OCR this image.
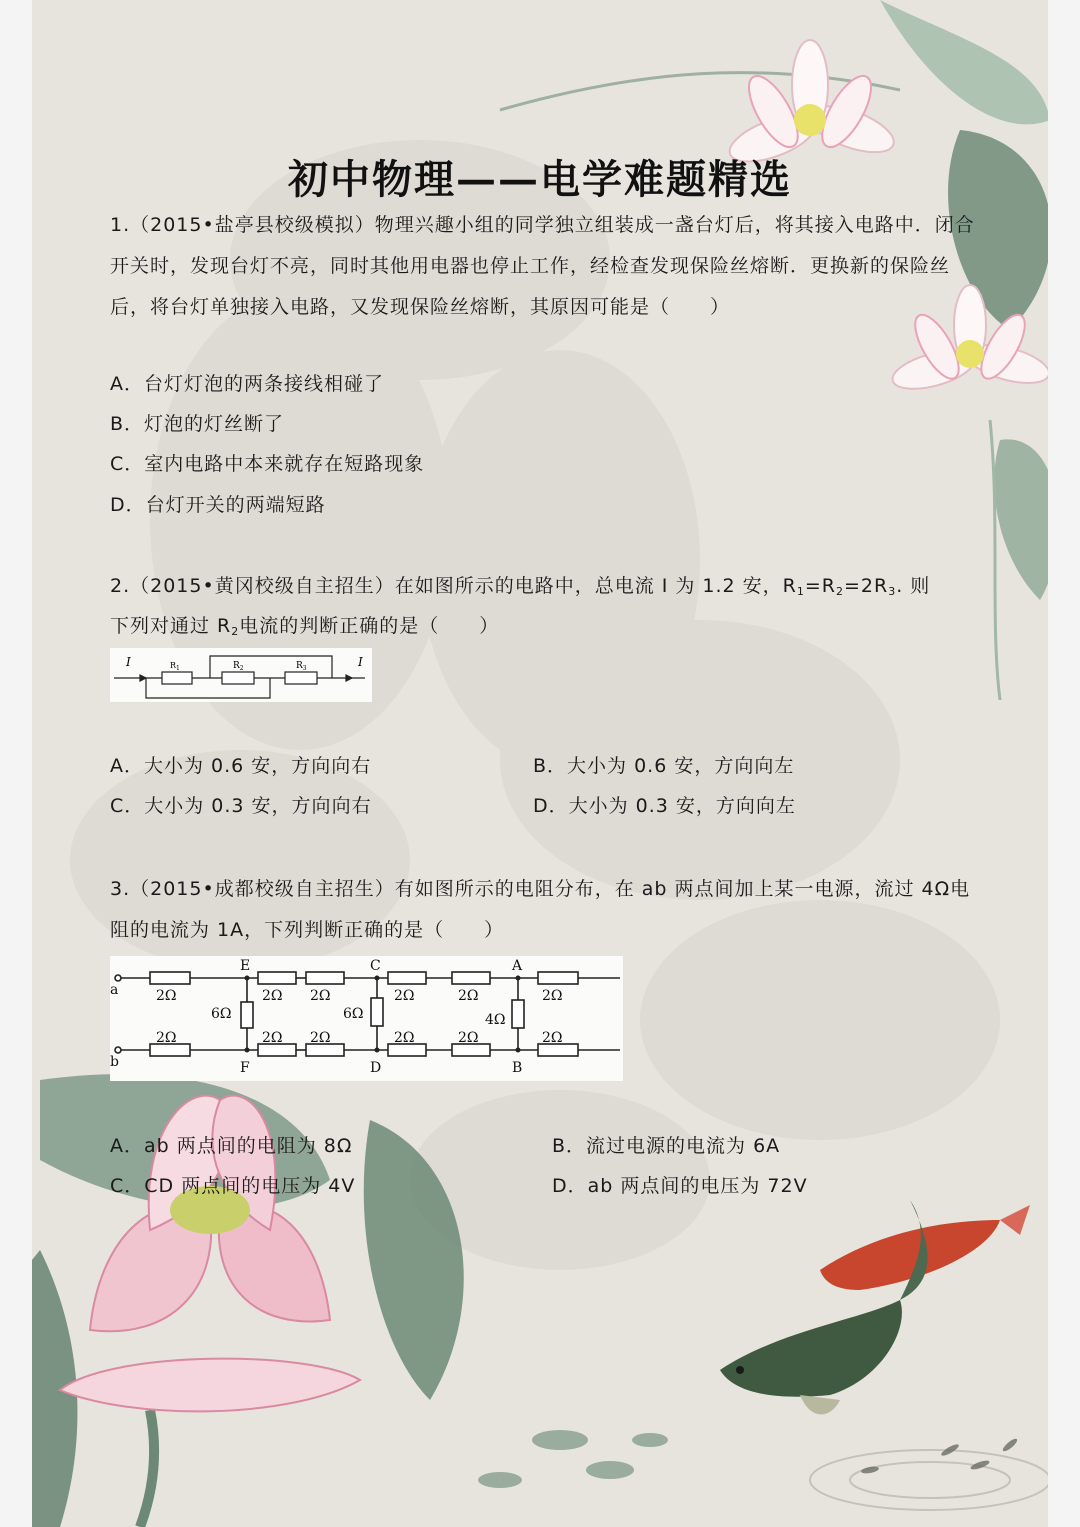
初中物理——电学难题精选
1.（2015•盐亭县校级模拟）物理兴趣小组的同学独立组装成一盏台灯后，将其接入电路中．闭合开关时，发现台灯不亮，同时其他用电器也停止工作，经检查发现保险丝熔断．更换新的保险丝后，将台灯单独接入电路，又发现保险丝熔断，其原因可能是（　　）
A．台灯灯泡的两条接线相碰了
B．灯泡的灯丝断了
C．室内电路中本来就存在短路现象
D．台灯开关的两端短路
2.（2015•黄冈校级自主招生）在如图所示的电路中，总电流 I 为 1.2 安，$R_1=R_2=2R_3$. 则
下列对通过 $R_2$电流的判断正确的是（　　）
I	I
$R_1$	$R_2$	$R_3$
A．大小为 0.6 安，方向向右	B．大小为 0.6 安，方向向左
C．大小为 0.3 安，方向向右	D．大小为 0.3 安，方向向左
3.（2015•成都校级自主招生）有如图所示的电阻分布，在 ab 两点间加上某一电源，流过 4Ω电阻的电流为 1A，下列判断正确的是（　　）
a
b
E
F
C
D
A
B
2Ω	2Ω 2Ω	2Ω	2Ω	2Ω
2Ω	2Ω 2Ω	2Ω	2Ω	2Ω
6Ω	6Ω	4Ω
A．ab 两点间的电阻为 8Ω	B．流过电源的电流为 6A
C．CD 两点间的电压为 4V	D．ab 两点间的电压为 72V
